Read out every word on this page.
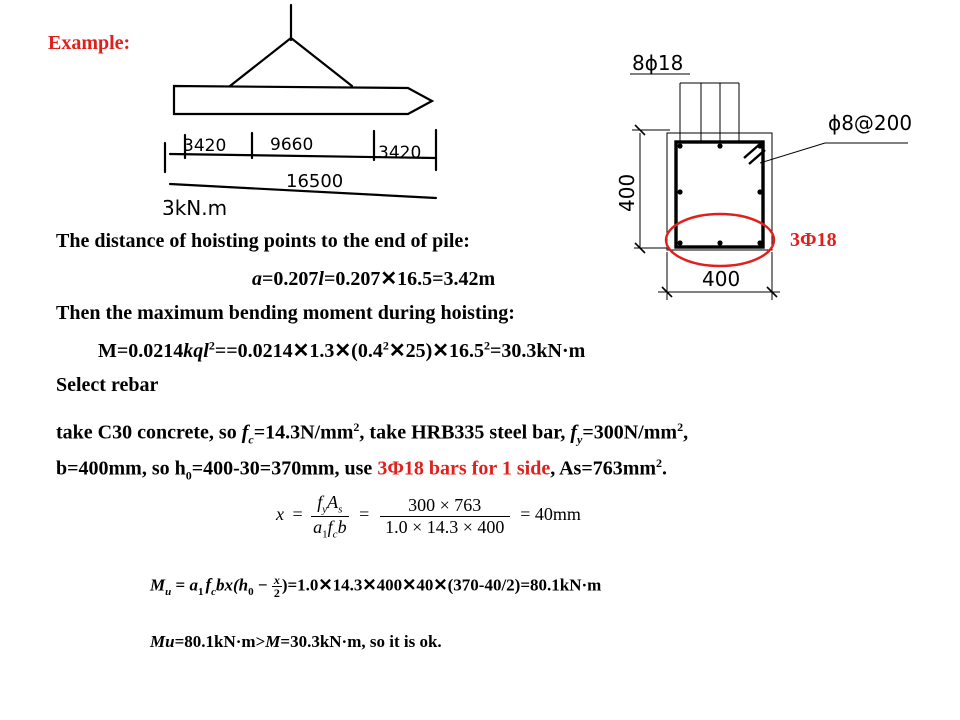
Example:
3420	9660	3420
16500
3kN.m
8ϕ18
ϕ8@200
400
400
3Φ18
The distance of hoisting points to the end of pile:
a=0.207l=0.207✕16.5=3.42m
Then the maximum bending moment during hoisting:
$M=0.0214kql^2==0.0214✕1.3✕(0.4^2✕25)✕16.5^2=30.3kN\cdot m$
Select rebar
take C30 concrete, so $f_c=14.3N/mm^2$, take HRB335 steel bar, $f_y=300N/mm^2$,
b=400mm, so $h_0=400-30=370mm$, use 3Φ18 bars for 1 side, $As=763mm^2$.
$x = \frac{f_yA_s}{a_1f_cb} = \frac{300 \times 763}{1.0 \times 14.3 \times 400} = 40mm$
$M_u = a_1$ $f_cbx(h_0 - \frac{x}{2}$ )=1.0✕14.3✕400✕40✕(370-40/2)=80.1kN·m
Mu=80.1kN·m>M=30.3kN·m, so it is ok.
